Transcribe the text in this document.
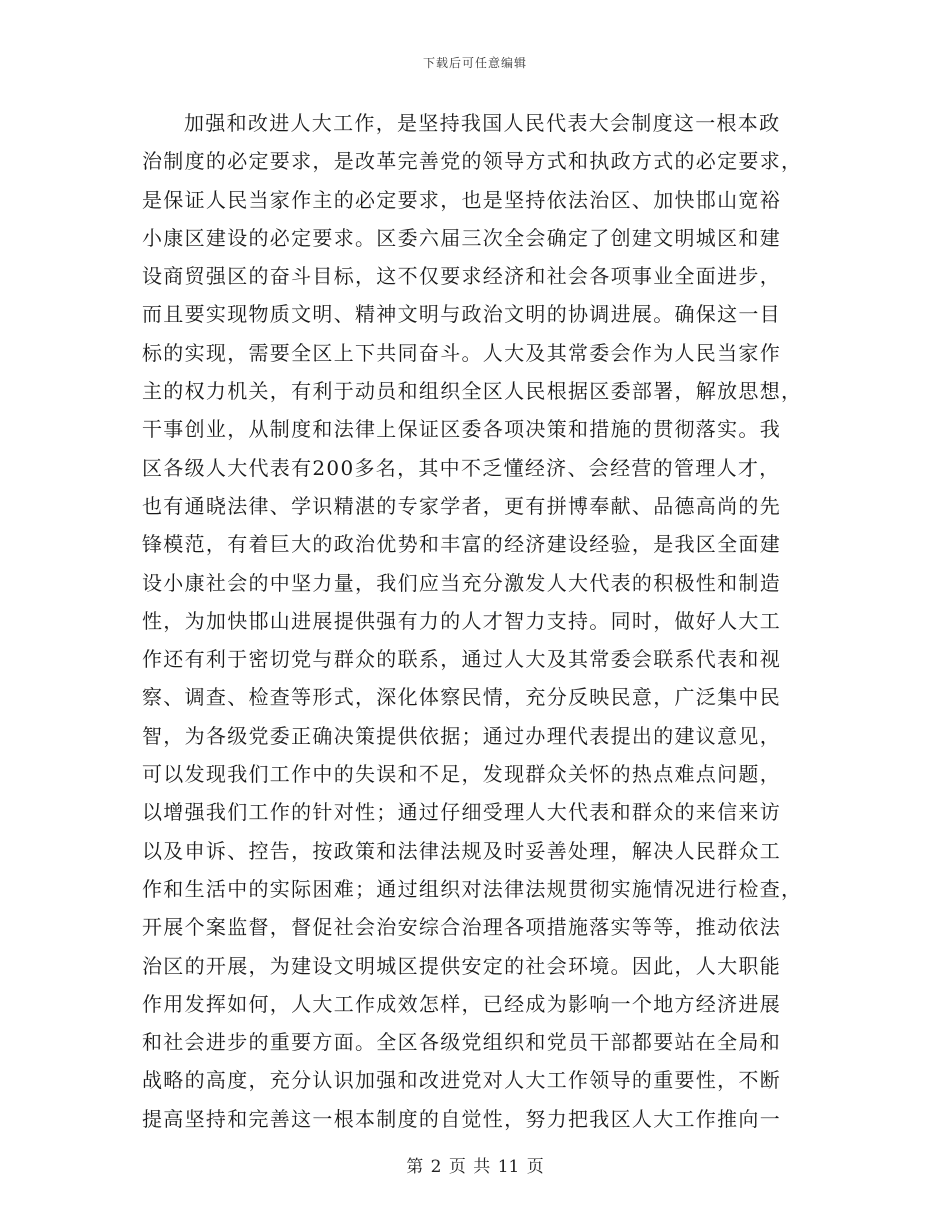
下载后可任意编辑
加强和改进人大工作，是坚持我国人民代表大会制度这一根本政
治制度的必定要求，是改革完善党的领导方式和执政方式的必定要求，
是保证人民当家作主的必定要求，也是坚持依法治区、加快邯山宽裕
小康区建设的必定要求。区委六届三次全会确定了创建文明城区和建
设商贸强区的奋斗目标，这不仅要求经济和社会各项事业全面进步，
而且要实现物质文明、精神文明与政治文明的协调进展。确保这一目
标的实现，需要全区上下共同奋斗。人大及其常委会作为人民当家作
主的权力机关，有利于动员和组织全区人民根据区委部署，解放思想，
干事创业，从制度和法律上保证区委各项决策和措施的贯彻落实。我
区各级人大代表有200多名，其中不乏懂经济、会经营的管理人才，
也有通晓法律、学识精湛的专家学者，更有拼博奉献、品德高尚的先
锋模范，有着巨大的政治优势和丰富的经济建设经验，是我区全面建
设小康社会的中坚力量，我们应当充分激发人大代表的积极性和制造
性，为加快邯山进展提供强有力的人才智力支持。同时，做好人大工
作还有利于密切党与群众的联系，通过人大及其常委会联系代表和视
察、调查、检查等形式，深化体察民情，充分反映民意，广泛集中民
智，为各级党委正确决策提供依据；通过办理代表提出的建议意见，
可以发现我们工作中的失误和不足，发现群众关怀的热点难点问题，
以增强我们工作的针对性；通过仔细受理人大代表和群众的来信来访
以及申诉、控告，按政策和法律法规及时妥善处理，解决人民群众工
作和生活中的实际困难；通过组织对法律法规贯彻实施情况进行检查，
开展个案监督，督促社会治安综合治理各项措施落实等等，推动依法
治区的开展，为建设文明城区提供安定的社会环境。因此，人大职能
作用发挥如何，人大工作成效怎样，已经成为影响一个地方经济进展
和社会进步的重要方面。全区各级党组织和党员干部都要站在全局和
战略的高度，充分认识加强和改进党对人大工作领导的重要性，不断
提高坚持和完善这一根本制度的自觉性，努力把我区人大工作推向一
第 2 页 共 11 页
